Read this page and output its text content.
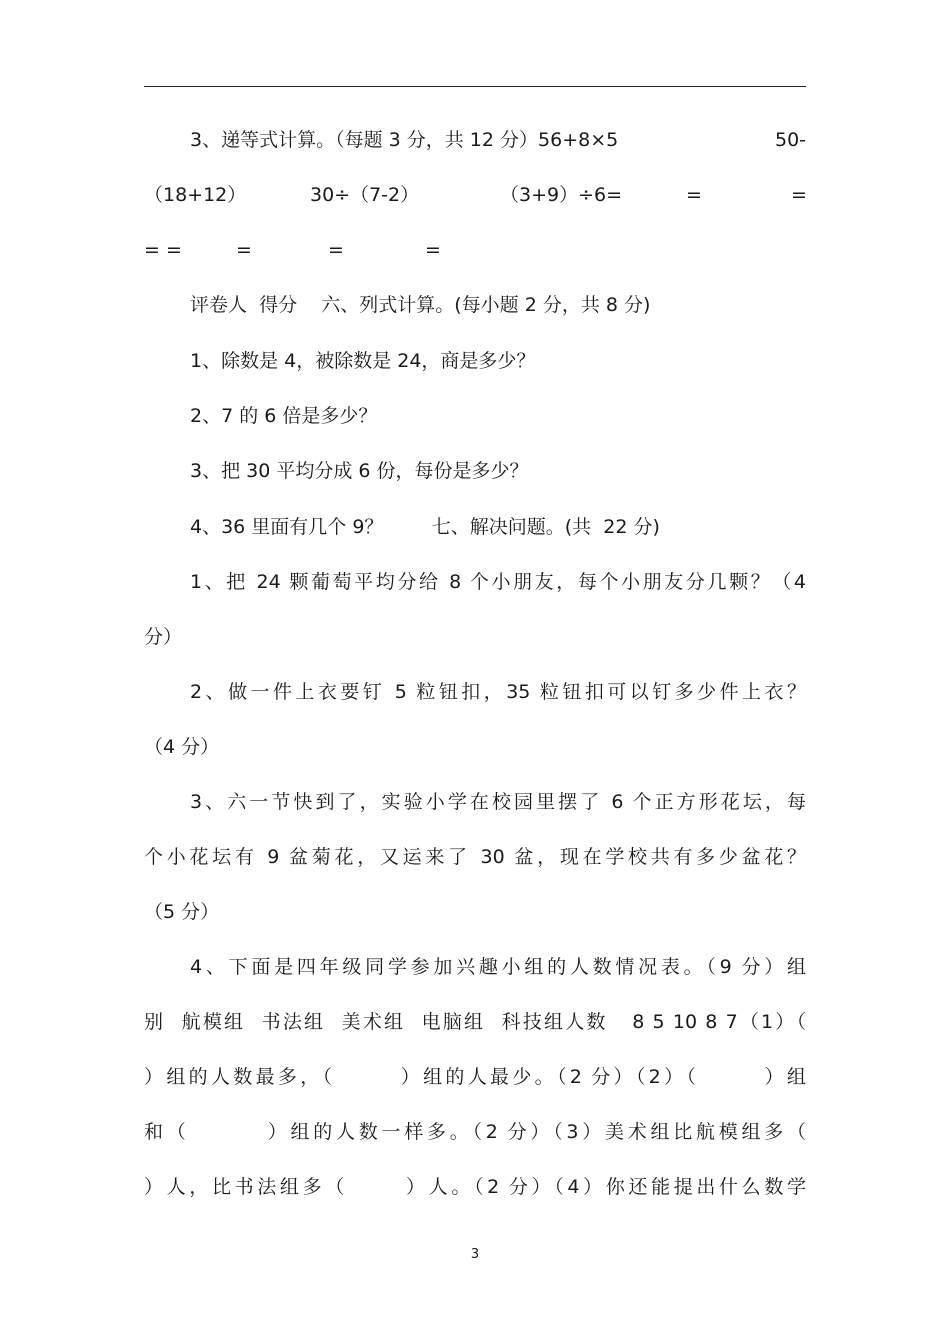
3、递等式计算。（每题 3 分，共 12 分）56+8×5	50-
（18+12）	30÷（7-2）	（3+9）÷6=	=	=
= =	=	=	=
评卷人  得分    六、列式计算。(每小题 2 分，共 8 分)
1、除数是 4，被除数是 24，商是多少？
2、7 的 6 倍是多少？
3、把 30 平均分成 6 份，每份是多少？
4、36 里面有几个 9？        七、解决问题。(共  22 分)
1、把 24 颗葡萄平均分给 8 个小朋友，每个小朋友分几颗？（4
分）
2、做一件上衣要钉 5 粒钮扣，35 粒钮扣可以钉多少件上衣？
（4 分）
3、六一节快到了，实验小学在校园里摆了 6 个正方形花坛，每
个小花坛有 9 盆菊花，又运来了 30 盆，现在学校共有多少盆花？
（5 分）
4、下面是四年级同学参加兴趣小组的人数情况表。（9 分）组
别  航模组  书法组  美术组  电脑组  科技组人数   8 5 10 8 7（1）（
）组的人数最多，（       ）组的人最少。（2 分）（2）（       ）组
和（        ）组的人数一样多。（2 分）（3）美术组比航模组多（
）人，比书法组多（      ）人。（2 分）（4）你还能提出什么数学
3
